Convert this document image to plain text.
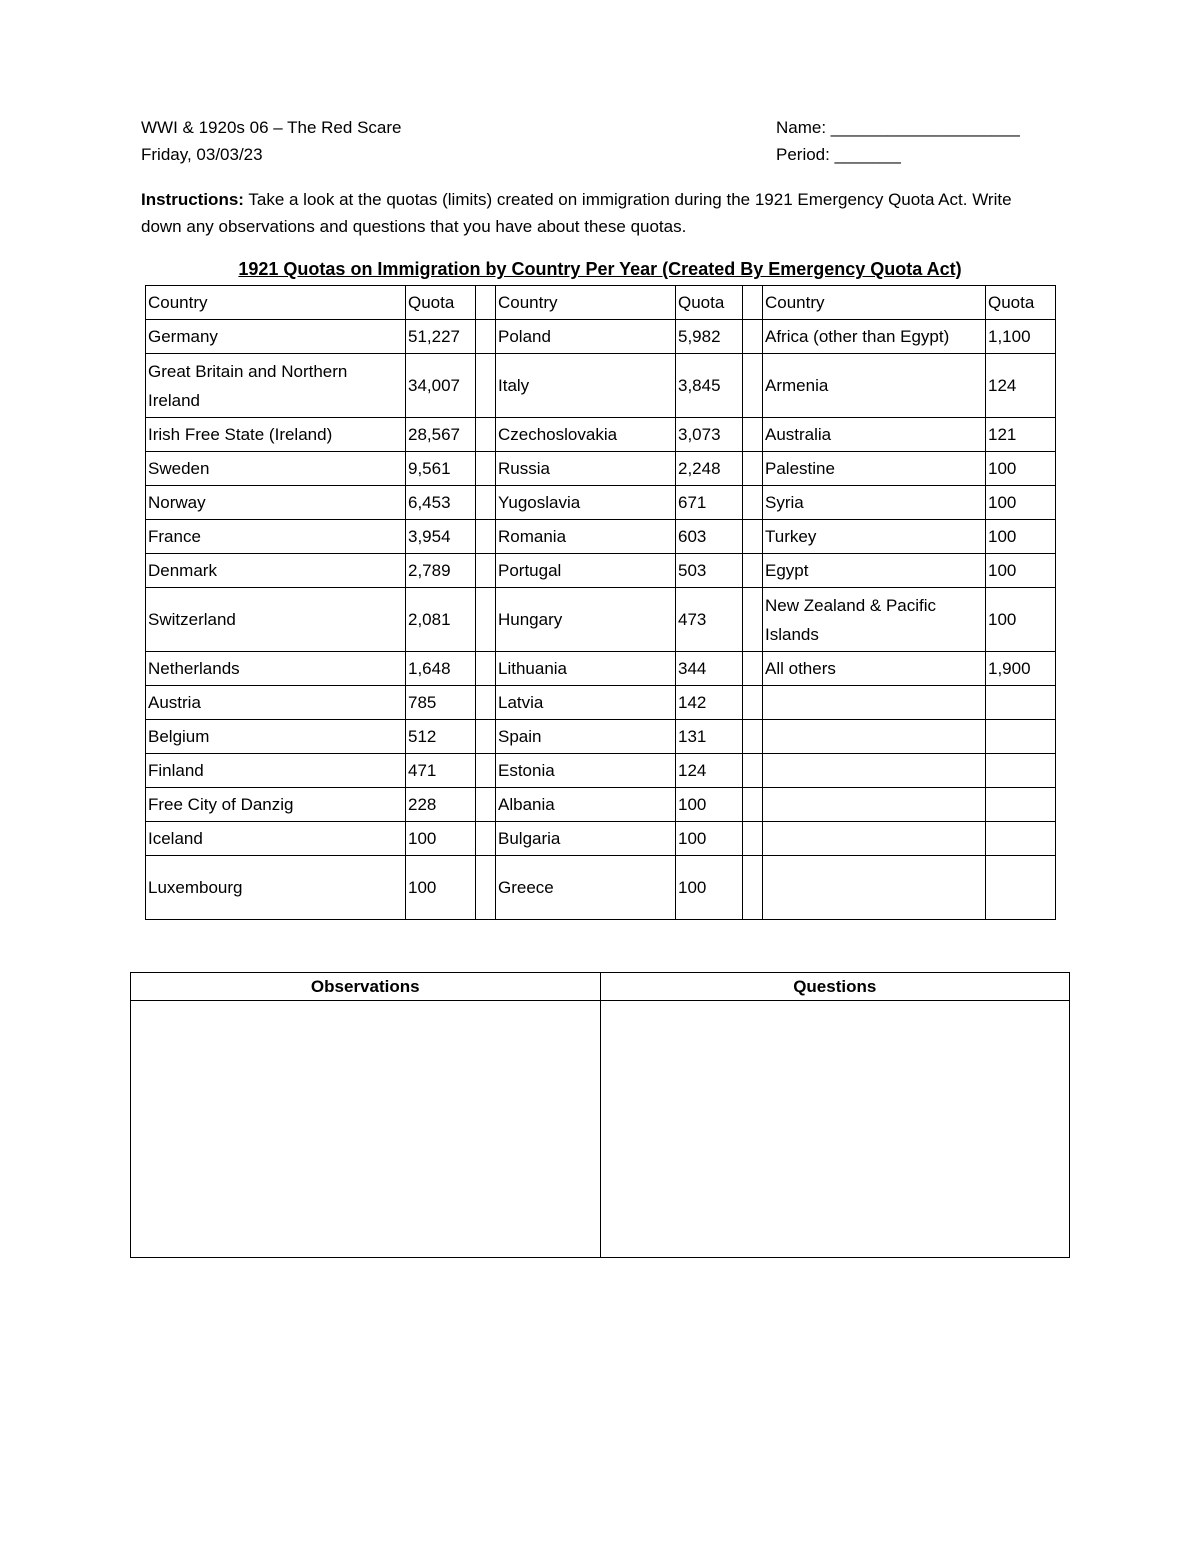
WWI & 1920s 06 – The Red Scare
Friday, 03/03/23
Name: ____________________
Period: _______
Instructions: Take a look at the quotas (limits) created on immigration during the 1921 Emergency Quota Act. Write down any observations and questions that you have about these quotas.
1921 Quotas on Immigration by Country Per Year (Created By Emergency Quota Act)
Country	Quota		Country	Quota		Country	Quota
Germany	51,227		Poland	5,982		Africa (other than Egypt)	1,100
Great Britain and Northern Ireland	34,007		Italy	3,845		Armenia	124
Irish Free State (Ireland)	28,567		Czechoslovakia	3,073		Australia	121
Sweden	9,561		Russia	2,248		Palestine	100
Norway	6,453		Yugoslavia	671		Syria	100
France	3,954		Romania	603		Turkey	100
Denmark	2,789		Portugal	503		Egypt	100
Switzerland	2,081		Hungary	473		New Zealand & Pacific Islands	100
Netherlands	1,648		Lithuania	344		All others	1,900
Austria	785		Latvia	142			
Belgium	512		Spain	131			
Finland	471		Estonia	124			
Free City of Danzig	228		Albania	100			
Iceland	100		Bulgaria	100			
Luxembourg	100		Greece	100			
Observations	Questions
